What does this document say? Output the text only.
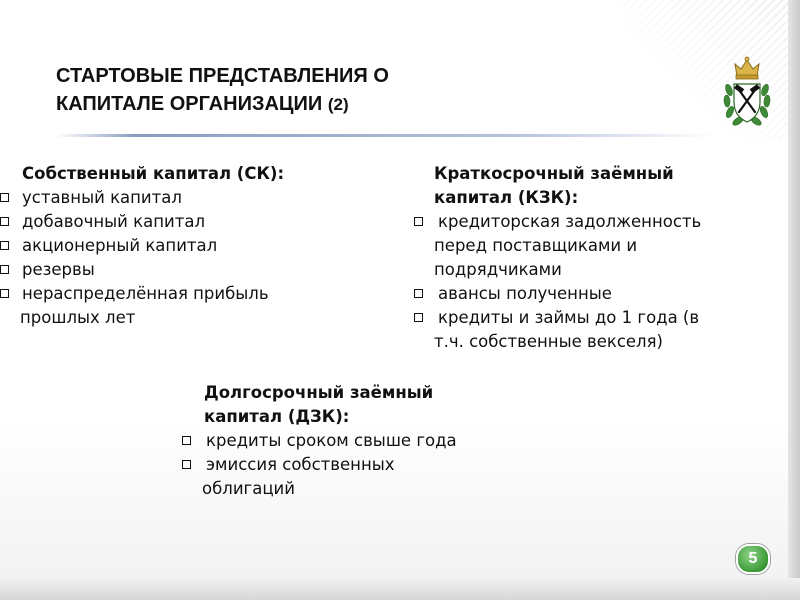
СТАРТОВЫЕ ПРЕДСТАВЛЕНИЯ О
КАПИТАЛЕ ОРГАНИЗАЦИИ (2)
Собственный капитал (СК):
уставный капитал
добавочный капитал
акционерный капитал
резервы
нераспределённая прибыль
прошлых лет
Краткосрочный заёмный
капитал (КЗК):
кредиторская задолженность
перед поставщиками и
подрядчиками
авансы полученные
кредиты и займы до 1 года (в
т.ч. собственные векселя)
Долгосрочный заёмный
капитал (ДЗК):
кредиты сроком свыше года
эмиссия собственных
облигаций
5
